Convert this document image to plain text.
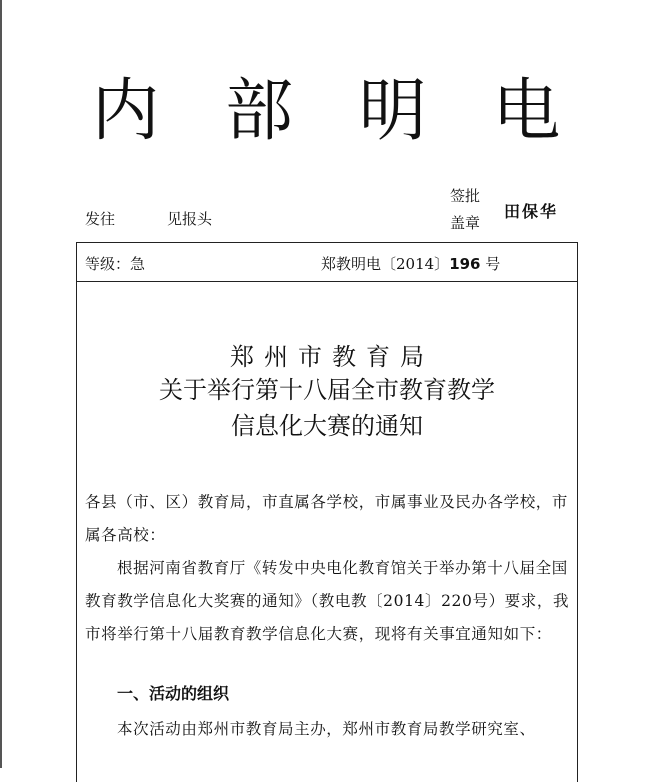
内 部 明 电
发往	见报头
签批
盖章
田保华
等级：急	郑教明电〔2014〕196 号
郑州市教育局
关于举行第十八届全市教育教学
信息化大赛的通知
各县（市、区）教育局，市直属各学校，市属事业及民办各学校，市属各高校：
根据河南省教育厅《转发中央电化教育馆关于举办第十八届全国教育教学信息化大奖赛的通知》（教电教〔2014〕220号）要求，我市将举行第十八届教育教学信息化大赛，现将有关事宜通知如下：
一、活动的组织
本次活动由郑州市教育局主办，郑州市教育局教学研究室、
